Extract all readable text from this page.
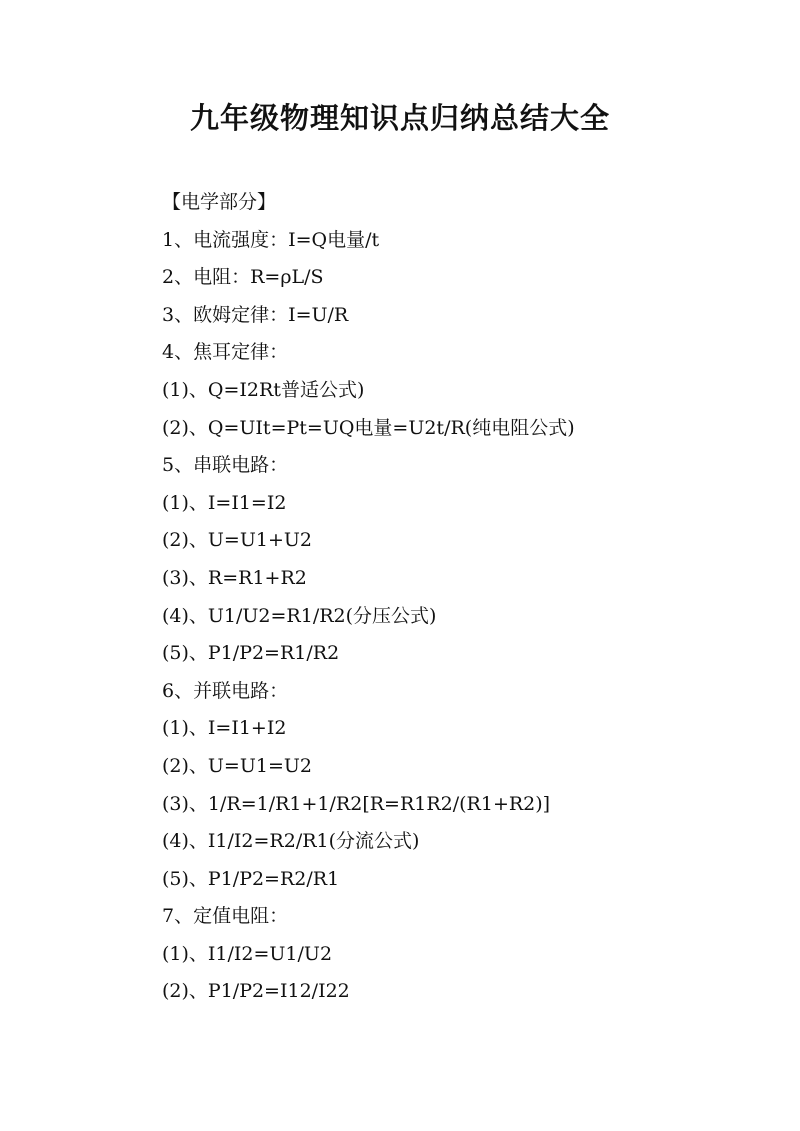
九年级物理知识点归纳总结大全
【电学部分】
1、电流强度：I=Q电量/t
2、电阻：R=ρL/S
3、欧姆定律：I=U/R
4、焦耳定律：
(1)、Q=I2Rt普适公式)
(2)、Q=UIt=Pt=UQ电量=U2t/R(纯电阻公式)
5、串联电路：
(1)、I=I1=I2
(2)、U=U1+U2
(3)、R=R1+R2
(4)、U1/U2=R1/R2(分压公式)
(5)、P1/P2=R1/R2
6、并联电路：
(1)、I=I1+I2
(2)、U=U1=U2
(3)、1/R=1/R1+1/R2[R=R1R2/(R1+R2)]
(4)、I1/I2=R2/R1(分流公式)
(5)、P1/P2=R2/R1
7、定值电阻：
(1)、I1/I2=U1/U2
(2)、P1/P2=I12/I22
